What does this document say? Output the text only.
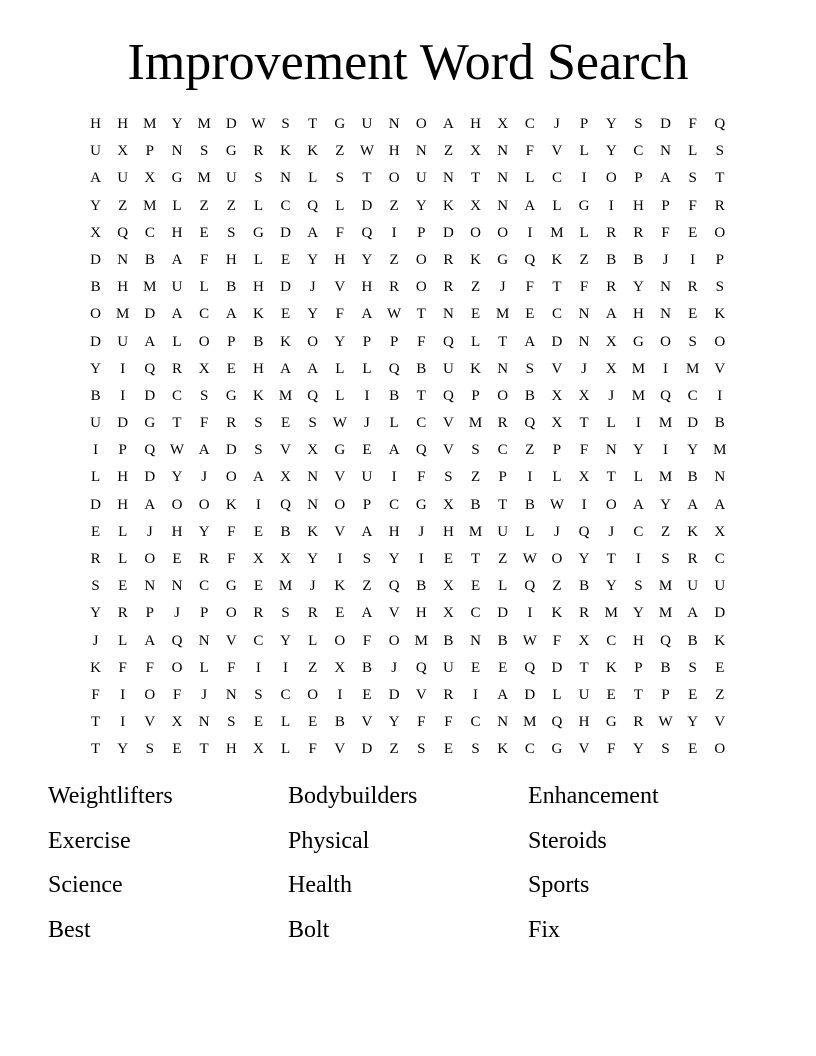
Improvement Word Search
H	H	M	Y	M	D W	S	T	G	U	N	O	A	H	X	C	J	P	Y	S	D	F	Q
U	X	P	N	S	G	R	K	K	Z	W H	N	Z	X	N	F	V	L	Y	C	N	L	S
A	U	X	G	M	U	S	N	L	S	T	O	U	N	T	N	L	C	I	O	P	A	S	T
Y	Z	M	L	Z	Z	L	C	Q	L	D	Z	Y	K	X	N	A	L	G	I	H	P	F	R
X	Q	C	H	E	S	G	D	A	F	Q	I	P	D	O	O	I	M	L	R	R	F	E	O
D	N	B	A	F	H	L	E	Y	H	Y	Z	O	R	K	G	Q	K	Z	B	B	J	I	P
B	H	M	U	L	B	H	D	J	V	H	R	O	R	Z	J	F	T	F	R	Y	N	R	S
O	M	D	A	C	A	K	E	Y	F	A W	T	N	E	M	E	C	N	A	H	N	E	K
D	U	A	L	O	P	B	K	O	Y	P	P	F	Q	L	T	A	D	N	X	G	O	S	O
Y	I	Q	R	X	E	H	A	A	L	L	Q	B	U	K	N	S	V	J	X	M	I	M	V
B	I	D	C	S	G	K	M	Q	L	I	B	T	Q	P	O	B	X	X	J	M	Q	C	I
U	D	G	T	F	R	S	E	S	W	J	L	C	V	M	R	Q	X	T	L	I	M	D	B
I	P	Q W A	D	S	V	X	G	E	A	Q	V	S	C	Z	P	F	N	Y	I	Y	M
L	H	D	Y	J	O	A	X	N	V	U	I	F	S	Z	P	I	L	X	T	L	M	B	N
D	H	A	O	O	K	I	Q	N	O	P	C	G	X	B	T	B	W	I	O	A	Y	A	A
E	L	J	H	Y	F	E	B	K	V	A	H	J	H	M	U	L	J	Q	J	C	Z	K	X
R	L	O	E	R	F	X	X	Y	I	S	Y	I	E	T	Z	W O	Y	T	I	S	R	C
S	E	N	N	C	G	E	M	J	K	Z	Q	B	X	E	L	Q	Z	B	Y	S	M	U	U
Y	R	P	J	P	O	R	S	R	E	A	V	H	X	C	D	I	K	R	M	Y	M	A	D
J	L	A	Q	N	V	C	Y	L	O	F	O	M	B	N	B	W	F	X	C	H	Q	B	K
K	F	F	O	L	F	I	I	Z	X	B	J	Q	U	E	E	Q	D	T	K	P	B	S	E
F	I	O	F	J	N	S	C	O	I	E	D	V	R	I	A	D	L	U	E	T	P	E	Z
T	I	V	X	N	S	E	L	E	B	V	Y	F	F	C	N	M	Q	H	G	R	W Y	V
T	Y	S	E	T	H	X	L	F	V	D	Z	S	E	S	K	C	G	V	F	Y	S	E	O
Weightlifters	Bodybuilders	Enhancement
Exercise	Physical	Steroids
Science	Health	Sports
Best	Bolt	Fix
